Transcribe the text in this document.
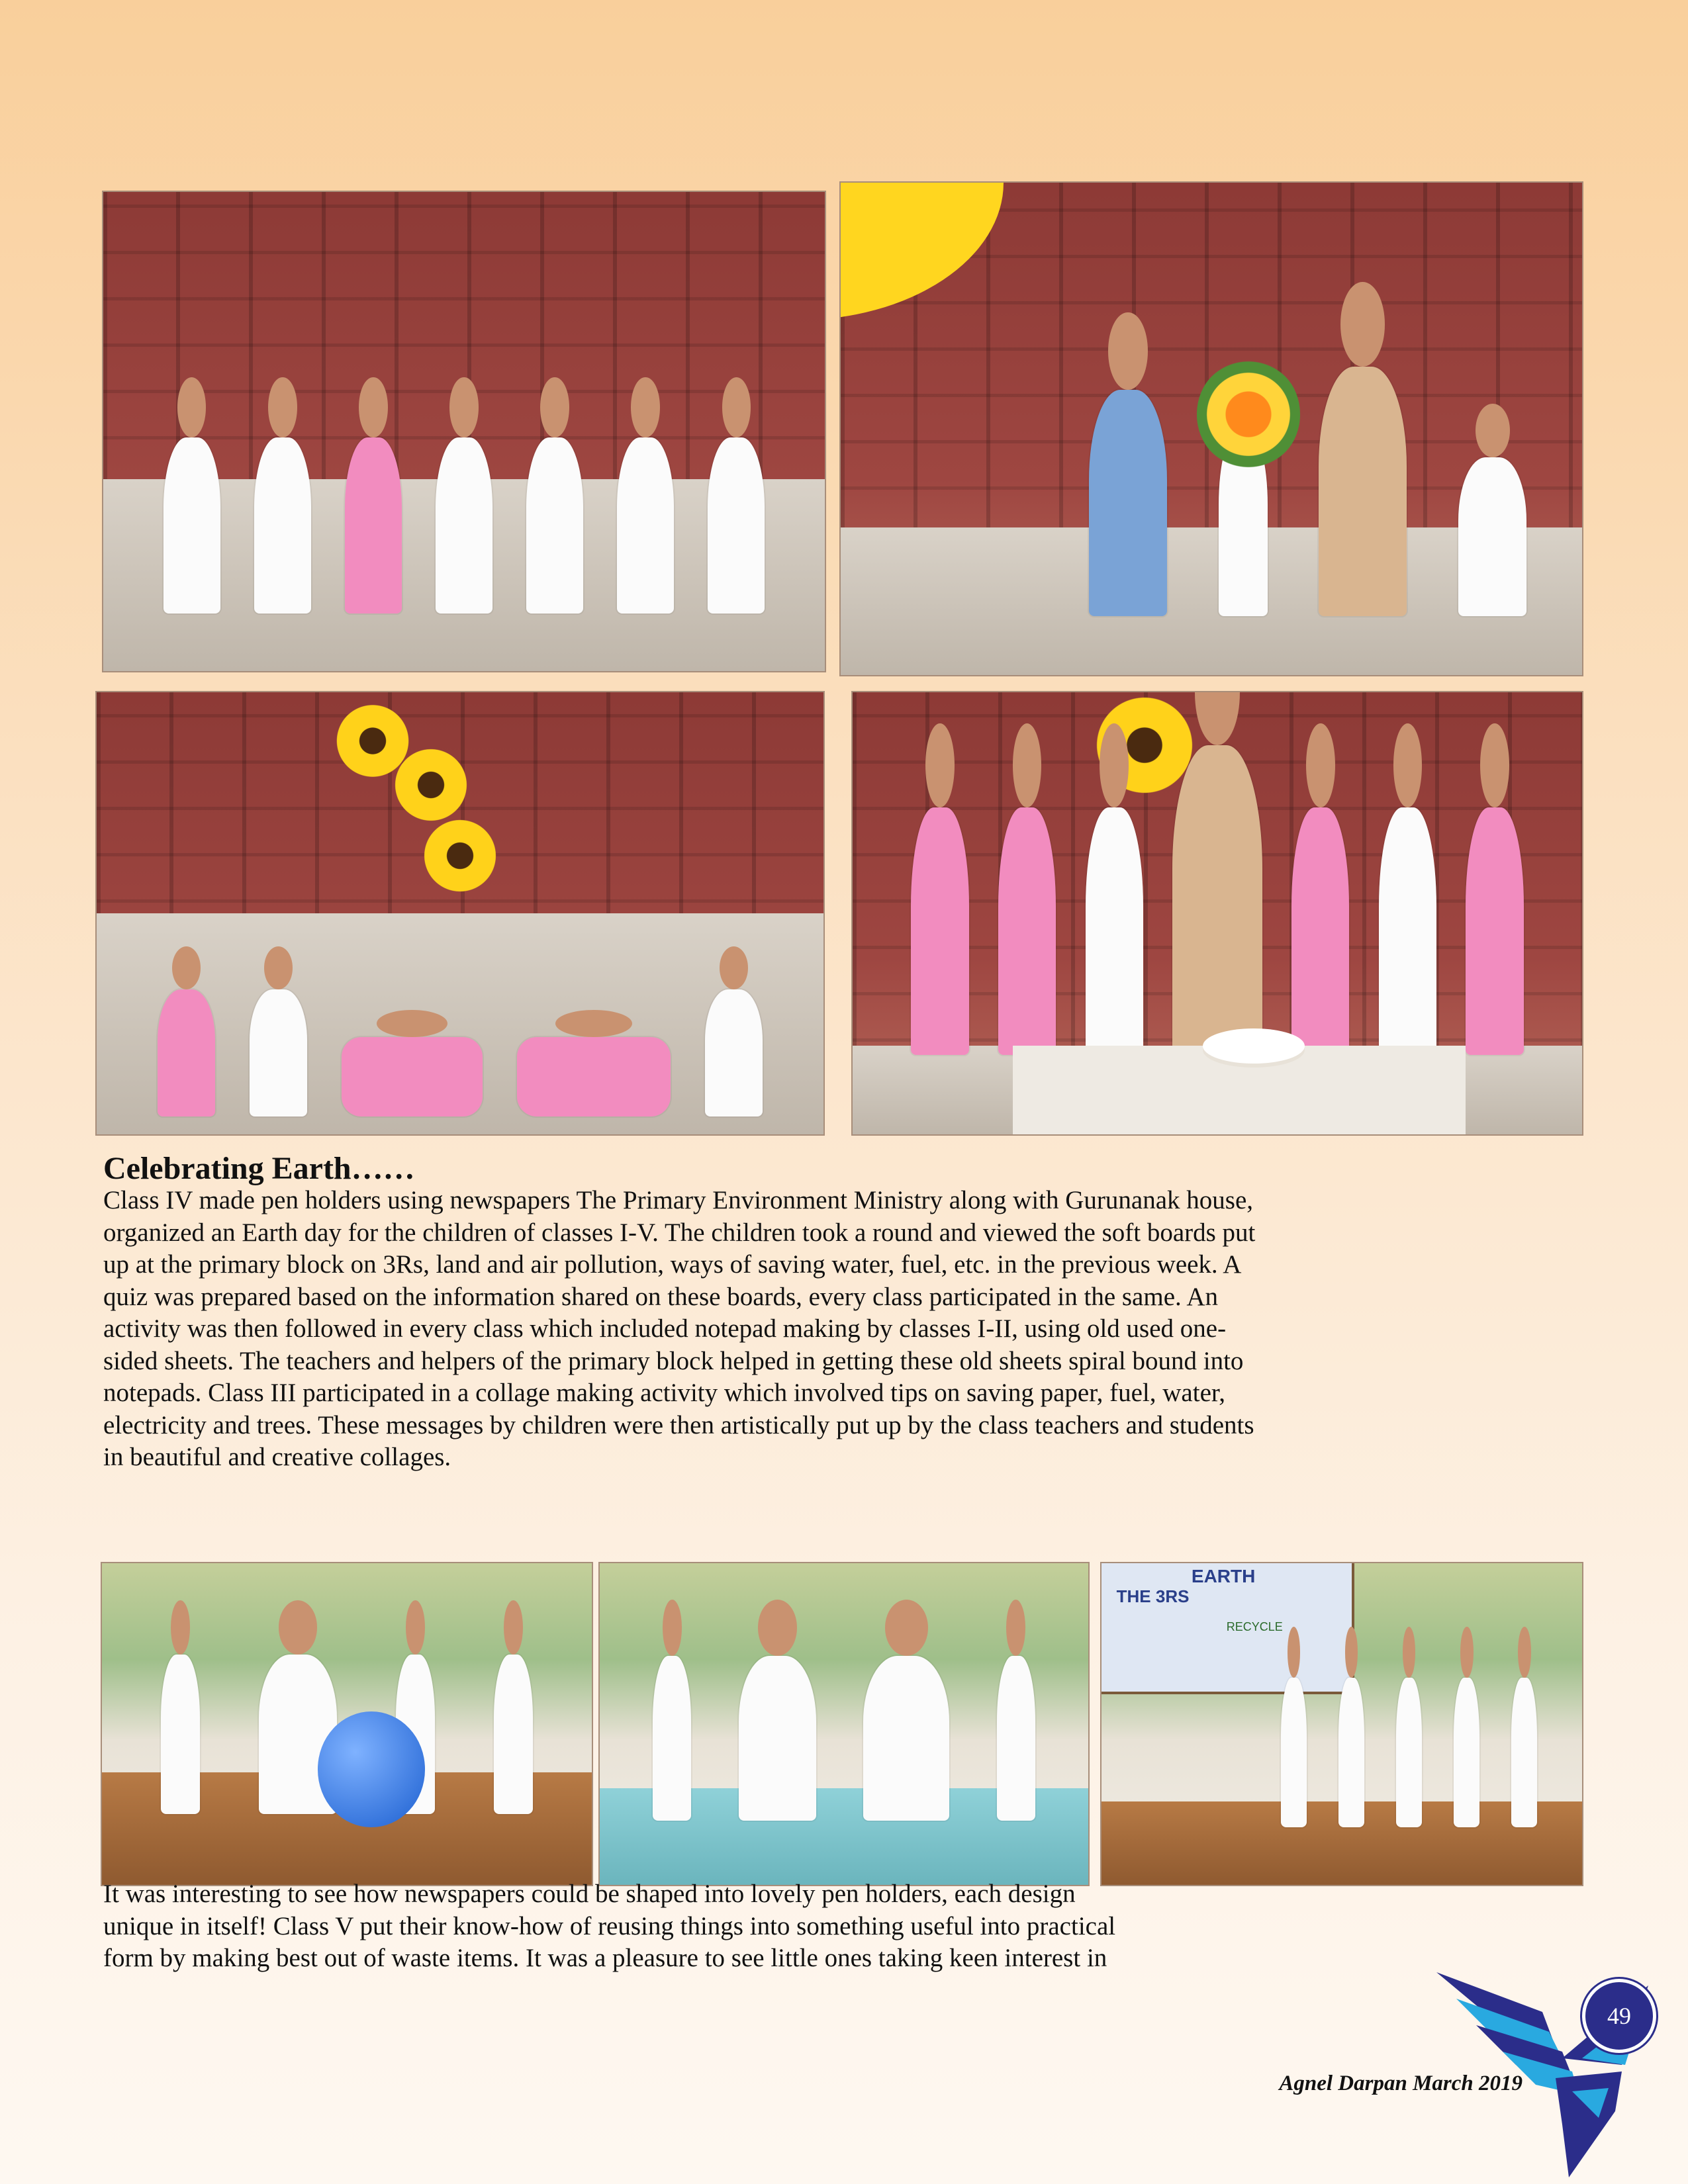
Celebrating Earth……
Class IV made pen holders using newspapers The Primary Environment Ministry along with Gurunanak house,
organized an Earth day for the children of classes I-V. The children took a round and viewed the soft boards put
up at the primary block on 3Rs, land and air pollution, ways of saving water, fuel, etc. in the previous week. A
quiz was prepared based on the information shared on these boards, every class participated in the same. An
activity was then followed in every class which included notepad making by classes I-II, using old used one-
sided sheets. The teachers and helpers of the primary block helped in getting these old sheets spiral bound into
notepads. Class III participated in a collage making activity which involved tips on saving paper, fuel, water,
electricity and trees. These messages by children were then artistically put up by the class teachers and students
in beautiful and creative collages.
EARTH
THE 3RS
RECYCLE
It was interesting to see how newspapers could be shaped into lovely pen holders, each design
unique in itself! Class V put their know-how of reusing things into something useful into practical
form by making best out of waste items. It was a pleasure to see little ones taking keen interest in
49
Agnel Darpan March 2019
